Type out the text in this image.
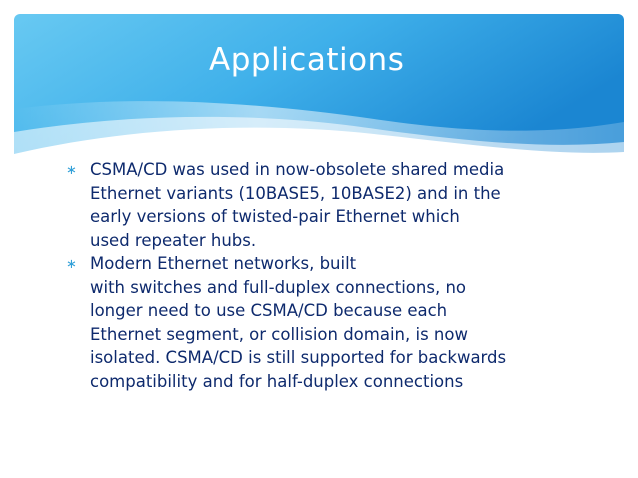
Applications
∗ CSMA/CD was used in now-obsolete shared media
Ethernet variants (10BASE5, 10BASE2) and in the
early versions of twisted-pair Ethernet which
used repeater hubs.
∗ Modern Ethernet networks, built
with switches and full-duplex connections, no
longer need to use CSMA/CD because each
Ethernet segment, or collision domain, is now
isolated. CSMA/CD is still supported for backwards
compatibility and for half-duplex connections
